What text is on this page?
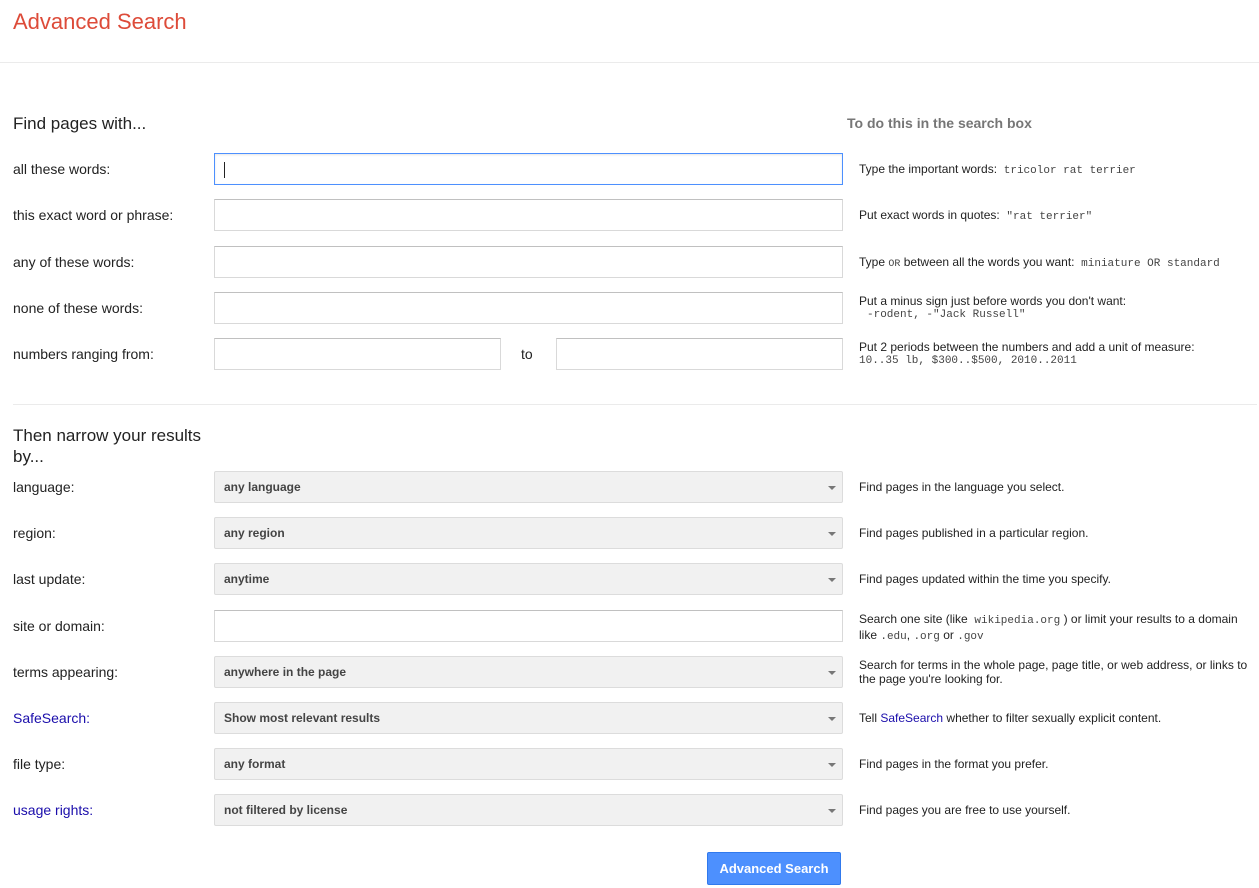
Advanced Search
Find pages with...	To do this in the search box
all these words:	Type the important words: tricolor rat terrier
this exact word or phrase:	Put exact words in quotes: "rat terrier"
any of these words:	Type OR between all the words you want: miniature OR standard
none of these words:	Put a minus sign just before words you don't want:
-rodent, -"Jack Russell"
numbers ranging from:	to	Put 2 periods between the numbers and add a unit of measure:
10..35 lb, $300..$500, 2010..2011
Then narrow your results
by...
language:	any language	Find pages in the language you select.
region:	any region	Find pages published in a particular region.
last update:	anytime	Find pages updated within the time you specify.
site or domain:	Search one site (like wikipedia.org ) or limit your results to a domain like .edu, .org or .gov
terms appearing:	anywhere in the page	Search for terms in the whole page, page title, or web address, or links to the page you're looking for.
SafeSearch:	Show most relevant results	Tell SafeSearch whether to filter sexually explicit content.
file type:	any format	Find pages in the format you prefer.
usage rights:	not filtered by license	Find pages you are free to use yourself.
Advanced Search
